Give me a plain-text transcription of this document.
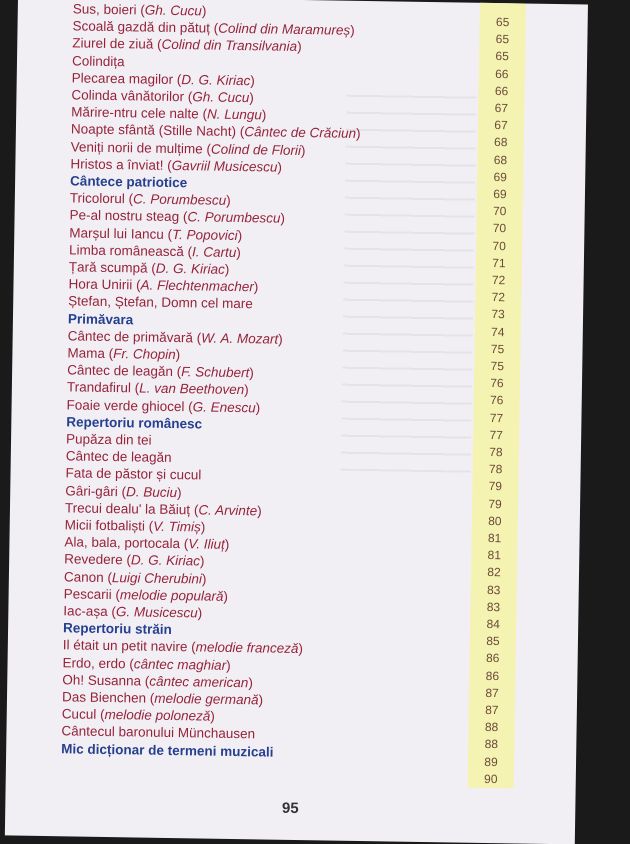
Sus, boieri (Gh. Cucu)
65
Scoală gazdă din pătuț (Colind din Maramureș)
65
Ziurel de ziuă (Colind din Transilvania)
65
Colindița
66
Plecarea magilor (D. G. Kiriac)
66
Colinda vânătorilor (Gh. Cucu)
67
Mărire-ntru cele nalte (N. Lungu)
67
Noapte sfântă (Stille Nacht) (Cântec de Crăciun)
68
Veniți norii de mulțime (Colind de Florii)
68
Hristos a înviat! (Gavriil Musicescu)
69
Cântece patriotice
69
Tricolorul (C. Porumbescu)
70
Pe-al nostru steag (C. Porumbescu)
70
Marșul lui Iancu (T. Popovici)
70
Limba românească (I. Cartu)
71
Țară scumpă (D. G. Kiriac)
72
Hora Unirii (A. Flechtenmacher)
72
Ștefan, Ștefan, Domn cel mare
73
Primăvara
74
Cântec de primăvară (W. A. Mozart)
75
Mama (Fr. Chopin)
75
Cântec de leagăn (F. Schubert)
76
Trandafirul (L. van Beethoven)
76
Foaie verde ghiocel (G. Enescu)
77
Repertoriu românesc
77
Pupăza din tei
78
Cântec de leagăn
78
Fata de păstor și cucul
79
Gâri-gâri (D. Buciu)
79
Trecui dealu' la Băiuț (C. Arvinte)
80
Micii fotbaliști (V. Timiș)
81
Ala, bala, portocala (V. Iliuț)
81
Revedere (D. G. Kiriac)
82
Canon (Luigi Cherubini)
83
Pescarii (melodie populară)
83
Iac-așa (G. Musicescu)
84
Repertoriu străin
85
Il était un petit navire (melodie franceză)
86
Erdo, erdo (cântec maghiar)
86
Oh! Susanna (cântec american)
87
Das Bienchen (melodie germană)
87
Cucul (melodie poloneză)
88
Cântecul baronului Münchausen
88
Mic dicționar de termeni muzicali
89
90
95
